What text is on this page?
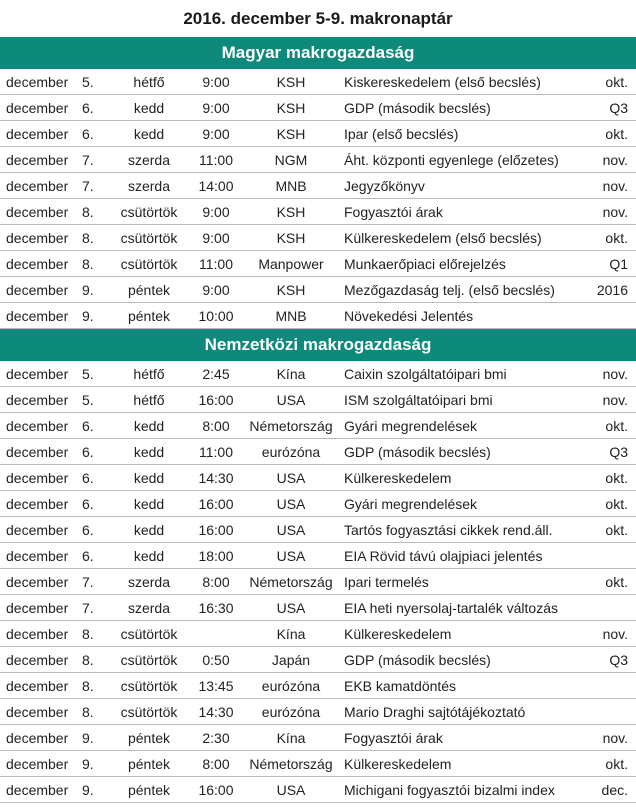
2016. december 5-9. makronaptár
Magyar makrogazdaság
december	5.	hétfő	9:00	KSH	Kiskereskedelem (első becslés)	okt.
december	6.	kedd	9:00	KSH	GDP (második becslés)	Q3
december	6.	kedd	9:00	KSH	Ipar (első becslés)	okt.
december	7.	szerda	11:00	NGM	Áht. központi egyenlege (előzetes)	nov.
december	7.	szerda	14:00	MNB	Jegyzőkönyv	nov.
december	8.	csütörtök	9:00	KSH	Fogyasztói árak	nov.
december	8.	csütörtök	9:00	KSH	Külkereskedelem (első becslés)	okt.
december	8.	csütörtök	11:00	Manpower	Munkaerőpiaci előrejelzés	Q1
december	9.	péntek	9:00	KSH	Mezőgazdaság telj. (első becslés)	2016
december	9.	péntek	10:00	MNB	Növekedési Jelentés	
Nemzetközi makrogazdaság
december	5.	hétfő	2:45	Kína	Caixin szolgáltatóipari bmi	nov.
december	5.	hétfő	16:00	USA	ISM szolgáltatóipari bmi	nov.
december	6.	kedd	8:00	Németország	Gyári megrendelések	okt.
december	6.	kedd	11:00	eurózóna	GDP (második becslés)	Q3
december	6.	kedd	14:30	USA	Külkereskedelem	okt.
december	6.	kedd	16:00	USA	Gyári megrendelések	okt.
december	6.	kedd	16:00	USA	Tartós fogyasztási cikkek rend.áll.	okt.
december	6.	kedd	18:00	USA	EIA Rövid távú olajpiaci jelentés	
december	7.	szerda	8:00	Németország	Ipari termelés	okt.
december	7.	szerda	16:30	USA	EIA heti nyersolaj-tartalék változás	
december	8.	csütörtök		Kína	Külkereskedelem	nov.
december	8.	csütörtök	0:50	Japán	GDP (második becslés)	Q3
december	8.	csütörtök	13:45	eurózóna	EKB kamatdöntés	
december	8.	csütörtök	14:30	eurózóna	Mario Draghi sajtótájékoztató	
december	9.	péntek	2:30	Kína	Fogyasztói árak	nov.
december	9.	péntek	8:00	Németország	Külkereskedelem	okt.
december	9.	péntek	16:00	USA	Michigani fogyasztói bizalmi index	dec.
